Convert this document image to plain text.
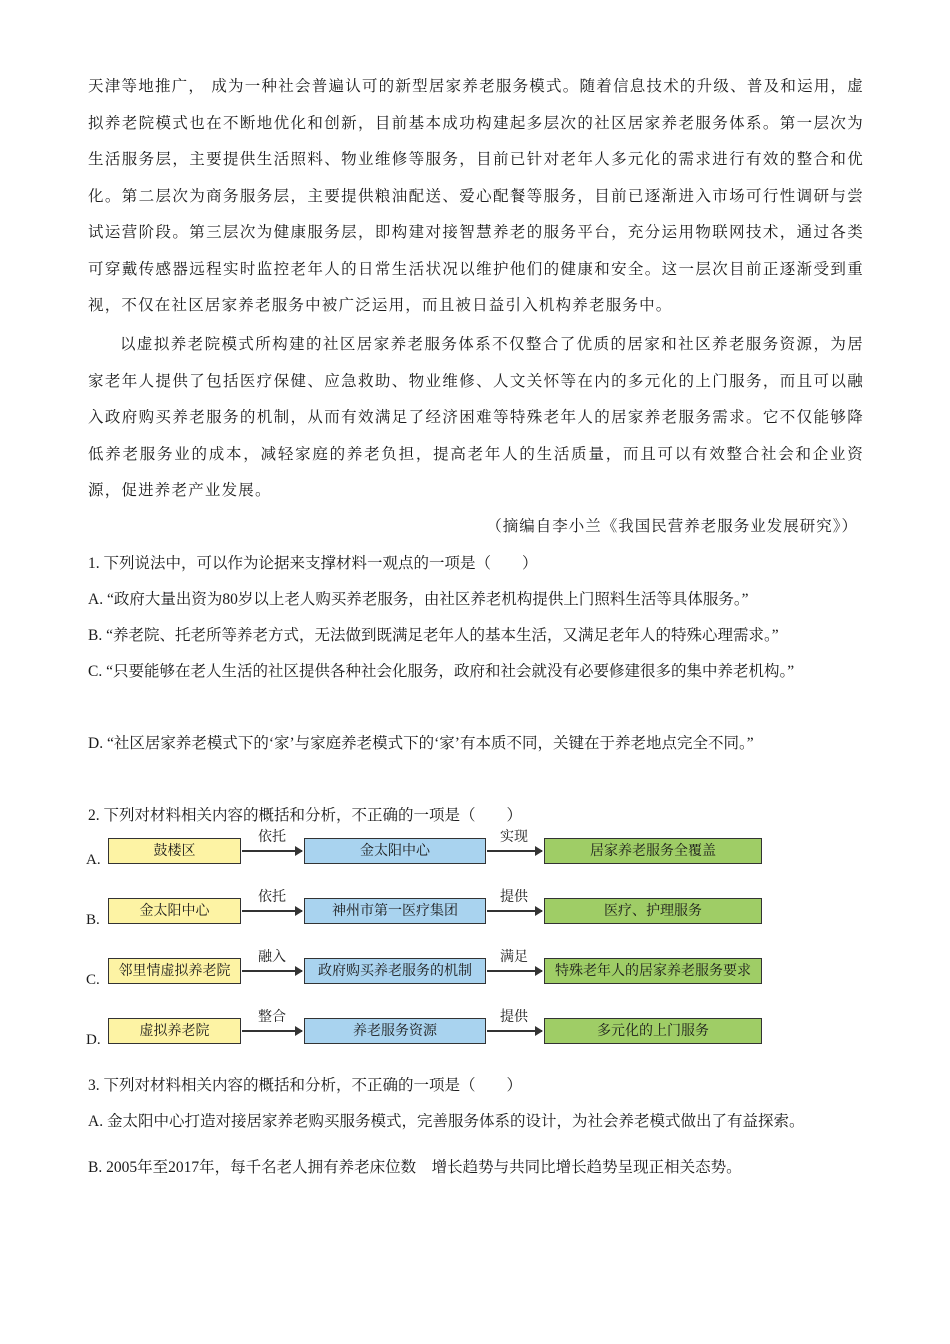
天津等地推广， 成为一种社会普遍认可的新型居家养老服务模式。随着信息技术的升级、普及和运用，虚拟养老院模式也在不断地优化和创新，目前基本成功构建起多层次的社区居家养老服务体系。第一层次为生活服务层，主要提供生活照料、物业维修等服务，目前已针对老年人多元化的需求进行有效的整合和优化。第二层次为商务服务层，主要提供粮油配送、爱心配餐等服务，目前已逐渐进入市场可行性调研与尝试运营阶段。第三层次为健康服务层，即构建对接智慧养老的服务平台，充分运用物联网技术，通过各类可穿戴传感器远程实时监控老年人的日常生活状况以维护他们的健康和安全。这一层次目前正逐渐受到重视，不仅在社区居家养老服务中被广泛运用，而且被日益引入机构养老服务中。

以虚拟养老院模式所构建的社区居家养老服务体系不仅整合了优质的居家和社区养老服务资源，为居家老年人提供了包括医疗保健、应急救助、物业维修、人文关怀等在内的多元化的上门服务，而且可以融入政府购买养老服务的机制，从而有效满足了经济困难等特殊老年人的居家养老服务需求。它不仅能够降低养老服务业的成本，减轻家庭的养老负担，提高老年人的生活质量，而且可以有效整合社会和企业资源，促进养老产业发展。

（摘编自李小兰《我国民营养老服务业发展研究》）

1. 下列说法中，可以作为论据来支撑材料一观点的一项是（　　）

A. “政府大量出资为80岁以上老人购买养老服务，由社区养老机构提供上门照料生活等具体服务。”

B. “养老院、托老所等养老方式，无法做到既满足老年人的基本生活，又满足老年人的特殊心理需求。”

C. “只要能够在老人生活的社区提供各种社会化服务，政府和社会就没有必要修建很多的集中养老机构。”

D. “社区居家养老模式下的‘家’与家庭养老模式下的‘家’有本质不同，关键在于养老地点完全不同。”

2. 下列对材料相关内容的概括和分析，不正确的一项是（　　）

A.
鼓楼区
依托
金太阳中心
实现
居家养老服务全覆盖
B.
金太阳中心
依托
神州市第一医疗集团
提供
医疗、护理服务
C.
邻里情虚拟养老院
融入
政府购买养老服务的机制
满足
特殊老年人的居家养老服务要求
D.
虚拟养老院
整合
养老服务资源
提供
多元化的上门服务

3. 下列对材料相关内容的概括和分析，不正确的一项是（　　）

A. 金太阳中心打造对接居家养老购买服务模式，完善服务体系的设计，为社会养老模式做出了有益探索。

B. 2005年至2017年，每千名老人拥有养老床位数　增长趋势与共同比增长趋势呈现正相关态势。
